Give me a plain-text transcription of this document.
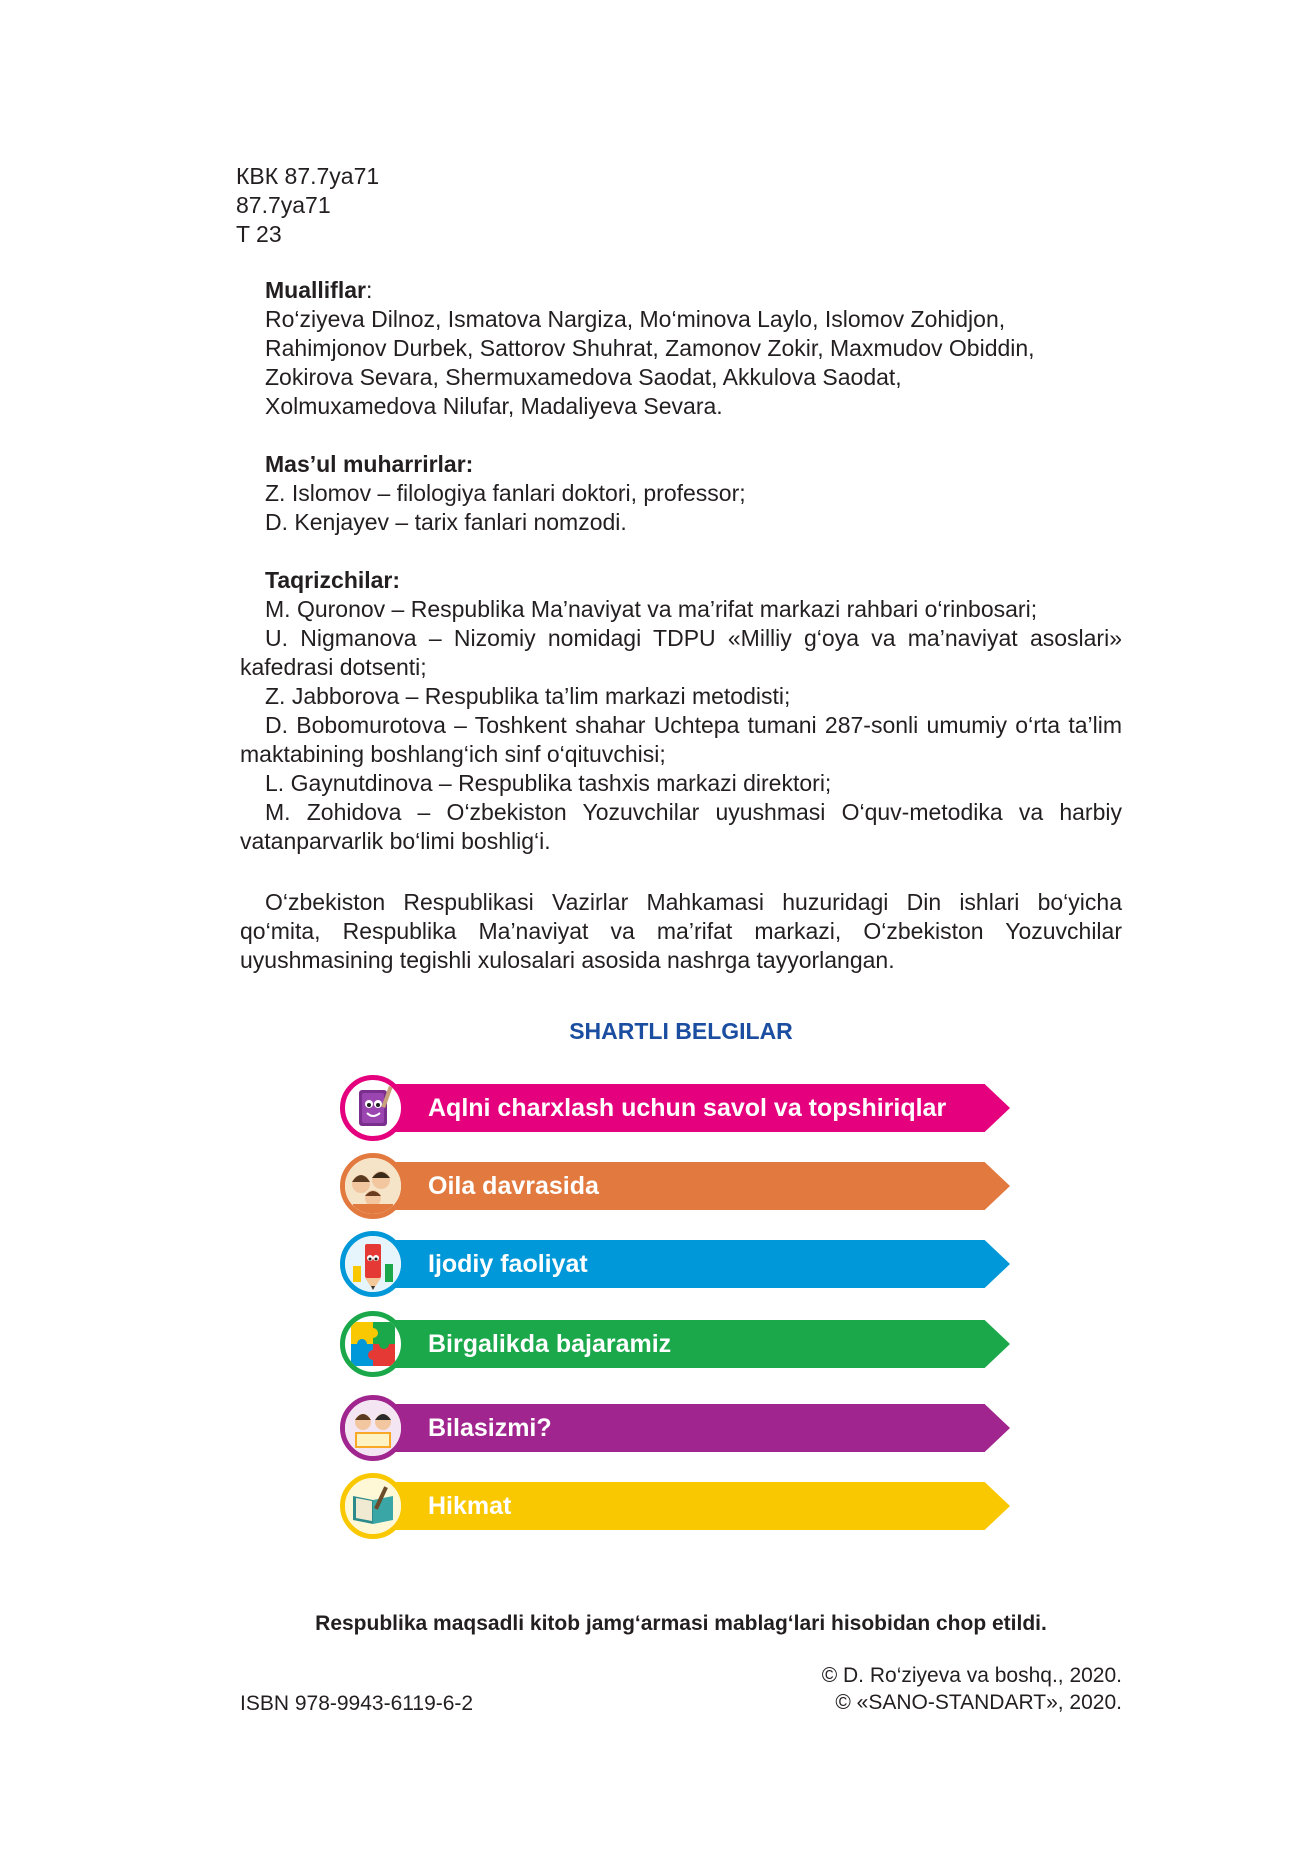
КВК 87.7ya71
87.7ya71
T 23
Mualliflar:
Ro‘ziyeva Dilnoz, Ismatova Nargiza, Mo‘minova Laylo, Islomov Zohidjon,
Rahimjonov Durbek, Sattorov Shuhrat, Zamonov Zokir, Maxmudov Obiddin,
Zokirova Sevara, Shermuxamedova Saodat, Akkulova Saodat,
Xolmuxamedova Nilufar, Madaliyeva Sevara.
Mas’ul muharrirlar:
Z. Islomov – filologiya fanlari doktori, professor;
D. Kenjayev – tarix fanlari nomzodi.
Taqrizchilar:
M. Quronov – Respublika Ma’naviyat va ma’rifat markazi rahbari o‘rinbosari;
U. Nigmanova – Nizomiy nomidagi TDPU «Milliy g‘oya va ma’naviyat asoslari» kafedrasi dotsenti;
Z. Jabborova – Respublika ta’lim markazi metodisti;
D. Bobomurotova – Toshkent shahar Uchtepa tumani 287-sonli umumiy o‘rta ta’lim maktabining boshlang‘ich sinf o‘qituvchisi;
L. Gaynutdinova – Respublika tashxis markazi direktori;
M. Zohidova – O‘zbekiston Yozuvchilar uyushmasi O‘quv-metodika va harbiy vatanparvarlik bo‘limi boshlig‘i.
O‘zbekiston Respublikasi Vazirlar Mahkamasi huzuridagi Din ishlari bo‘yicha qo‘mita, Respublika Ma’naviyat va ma’rifat markazi, O‘zbekiston Yozuvchilar uyushmasining tegishli xulosalari asosida nashrga tayyorlangan.
SHARTLI BELGILAR
Aqlni charxlash uchun savol va topshiriqlar
Oila davrasida
Ijodiy faoliyat
Birgalikda bajaramiz
Bilasizmi?
Hikmat
Respublika maqsadli kitob jamg‘armasi mablag‘lari hisobidan chop etildi.
© D. Ro‘ziyeva va boshq., 2020.
© «SANO-STANDART», 2020.
ISBN 978-9943-6119-6-2
